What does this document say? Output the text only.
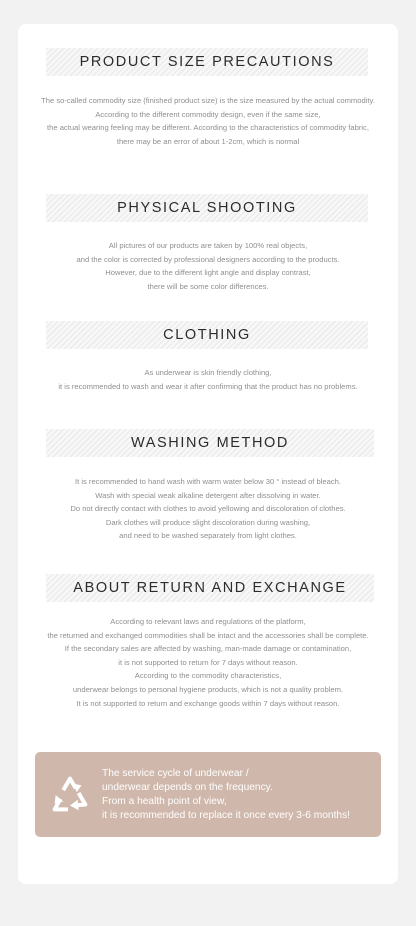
PRODUCT SIZE PRECAUTIONS
The so-called commodity size (finished product size) is the size measured by the actual commodity.
According to the different commodity design, even if the same size,
the actual wearing feeling may be different. According to the characteristics of commodity fabric,
there may be an error of about 1-2cm, which is normal
PHYSICAL SHOOTING
All pictures of our products are taken by 100% real objects,
and the color is corrected by professional designers according to the products.
However, due to the different light angle and display contrast,
there will be some color differences.
CLOTHING
As underwear is skin friendly clothing,
it is recommended to wash and wear it after confirming that the product has no problems.
WASHING METHOD
It is recommended to hand wash with warm water below 30 ° instead of bleach.
Wash with special weak alkaline detergent after dissolving in water.
Do not directly contact with clothes to avoid yellowing and discoloration of clothes.
Dark clothes will produce slight discoloration during washing,
and need to be washed separately from light clothes.
ABOUT RETURN AND EXCHANGE
According to relevant laws and regulations of the platform,
the returned and exchanged commodities shall be intact and the accessories shall be complete.
If the secondary sales are affected by washing, man-made damage or contamination,
it is not supported to return for 7 days without reason.
According to the commodity characteristics,
underwear belongs to personal hygiene products, which is not a quality problem.
It is not supported to return and exchange goods within 7 days without reason.
The service cycle of underwear /
underwear depends on the frequency.
From a health point of view,
it is recommended to replace it once every 3-6 months!
